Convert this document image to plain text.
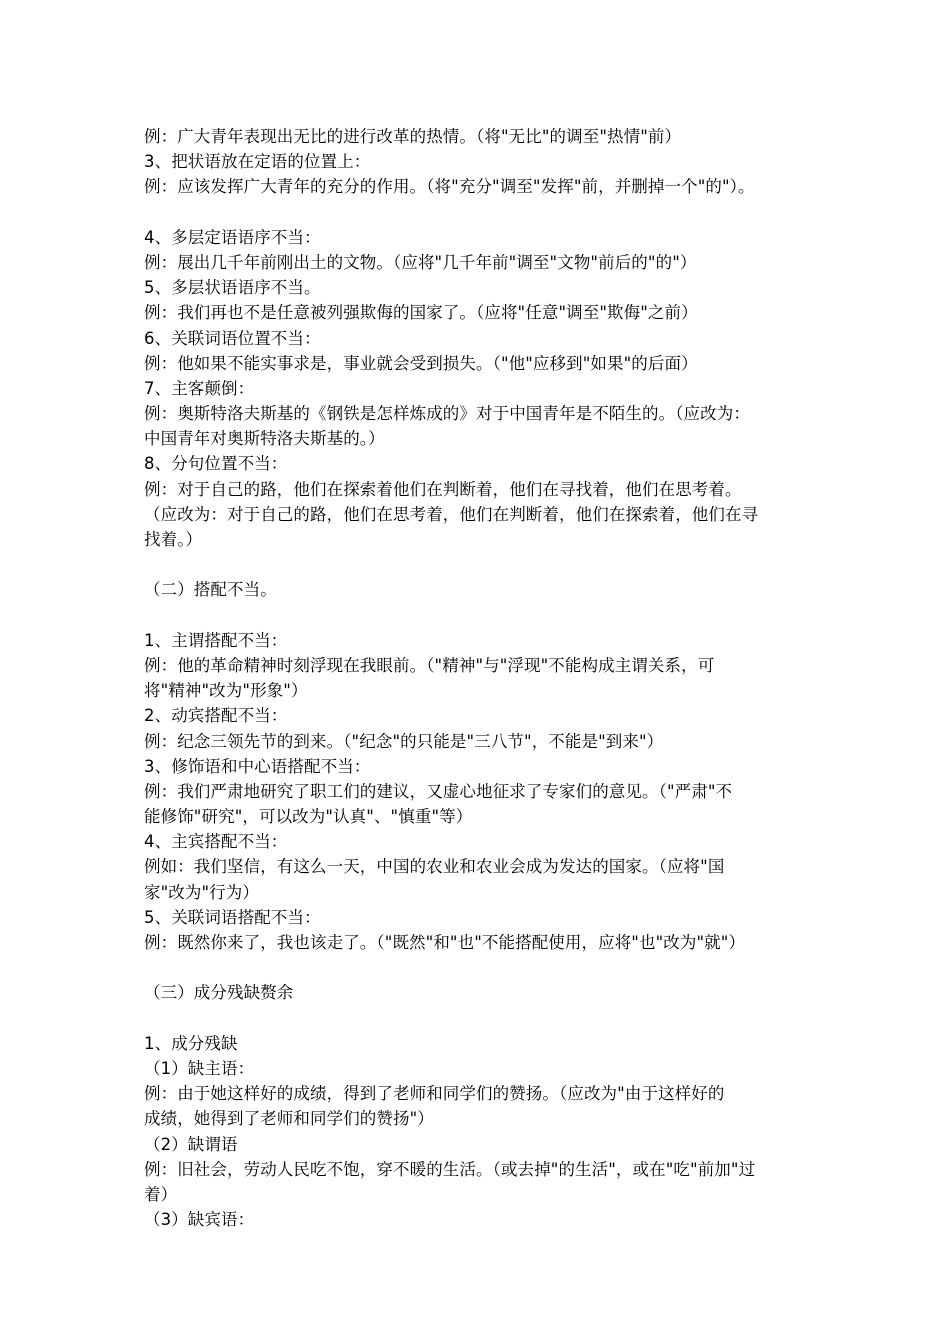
例：广大青年表现出无比的进行改革的热情。（将"无比"的调至"热情"前）
3、把状语放在定语的位置上：
例：应该发挥广大青年的充分的作用。（将"充分"调至"发挥"前，并删掉一个"的"）。
4、多层定语语序不当：
例：展出几千年前刚出土的文物。（应将"几千年前"调至"文物"前后的"的"）
5、多层状语语序不当。
例：我们再也不是任意被列强欺侮的国家了。（应将"任意"调至"欺侮"之前）
6、关联词语位置不当：
例：他如果不能实事求是，事业就会受到损失。（"他"应移到"如果"的后面）
7、主客颠倒：
例：奥斯特洛夫斯基的《钢铁是怎样炼成的》对于中国青年是不陌生的。（应改为：
中国青年对奥斯特洛夫斯基的。）
8、分句位置不当：
例：对于自己的路，他们在探索着他们在判断着，他们在寻找着，他们在思考着。
（应改为：对于自己的路，他们在思考着，他们在判断着，他们在探索着，他们在寻
找着。）
（二）搭配不当。
1、主谓搭配不当：
例：他的革命精神时刻浮现在我眼前。（"精神"与"浮现"不能构成主谓关系，可
将"精神"改为"形象"）
2、动宾搭配不当：
例：纪念三领先节的到来。（"纪念"的只能是"三八节"，不能是"到来"）
3、修饰语和中心语搭配不当：
例：我们严肃地研究了职工们的建议，又虚心地征求了专家们的意见。（"严肃"不
能修饰"研究"，可以改为"认真"、"慎重"等）
4、主宾搭配不当：
例如：我们坚信，有这么一天，中国的农业和农业会成为发达的国家。（应将"国
家"改为"行为）
5、关联词语搭配不当：
例：既然你来了，我也该走了。（"既然"和"也"不能搭配使用，应将"也"改为"就"）
（三）成分残缺赘余
1、成分残缺
（1）缺主语：
例：由于她这样好的成绩，得到了老师和同学们的赞扬。（应改为"由于这样好的
成绩，她得到了老师和同学们的赞扬"）
（2）缺谓语
例：旧社会，劳动人民吃不饱，穿不暖的生活。（或去掉"的生活"，或在"吃"前加"过
着）
（3）缺宾语：
